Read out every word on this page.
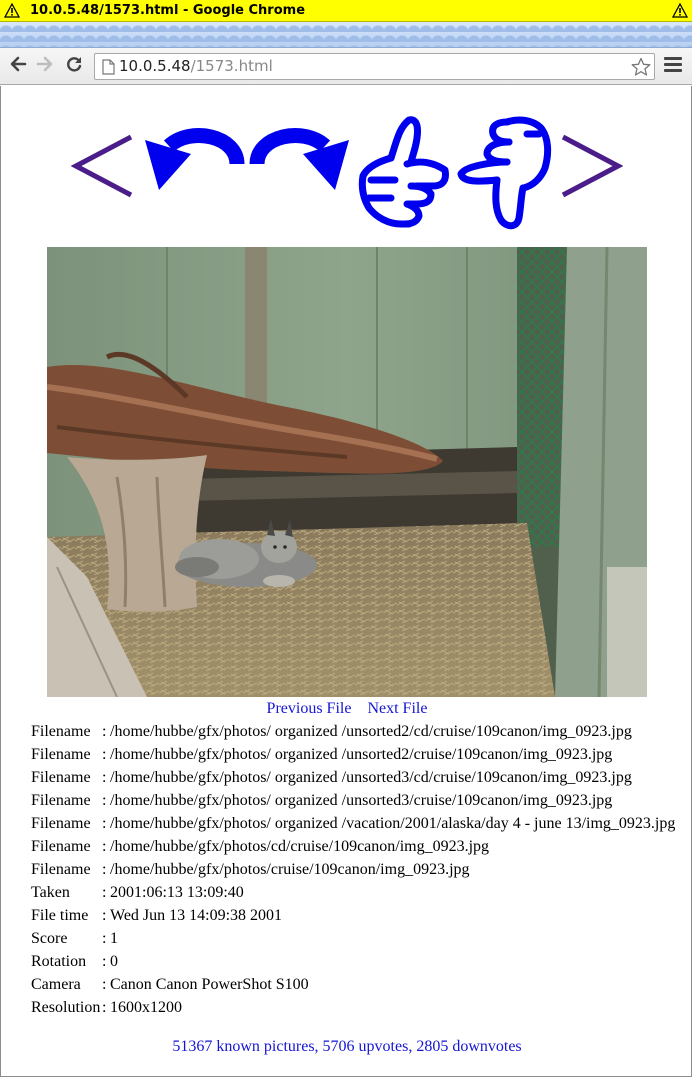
10.0.5.48/1573.html - Google Chrome
10.0.5.48/1573.html
Previous File Next File
Filename : /home/hubbe/gfx/photos/ organized /unsorted2/cd/cruise/109canon/img_0923.jpg
Filename : /home/hubbe/gfx/photos/ organized /unsorted2/cruise/109canon/img_0923.jpg
Filename : /home/hubbe/gfx/photos/ organized /unsorted3/cd/cruise/109canon/img_0923.jpg
Filename : /home/hubbe/gfx/photos/ organized /unsorted3/cruise/109canon/img_0923.jpg
Filename : /home/hubbe/gfx/photos/ organized /vacation/2001/alaska/day 4 - june 13/img_0923.jpg
Filename : /home/hubbe/gfx/photos/cd/cruise/109canon/img_0923.jpg
Filename : /home/hubbe/gfx/photos/cruise/109canon/img_0923.jpg
Taken : 2001:06:13 13:09:40
File time : Wed Jun 13 14:09:38 2001
Score : 1
Rotation : 0
Camera : Canon Canon PowerShot S100
Resolution : 1600x1200
51367 known pictures, 5706 upvotes, 2805 downvotes
